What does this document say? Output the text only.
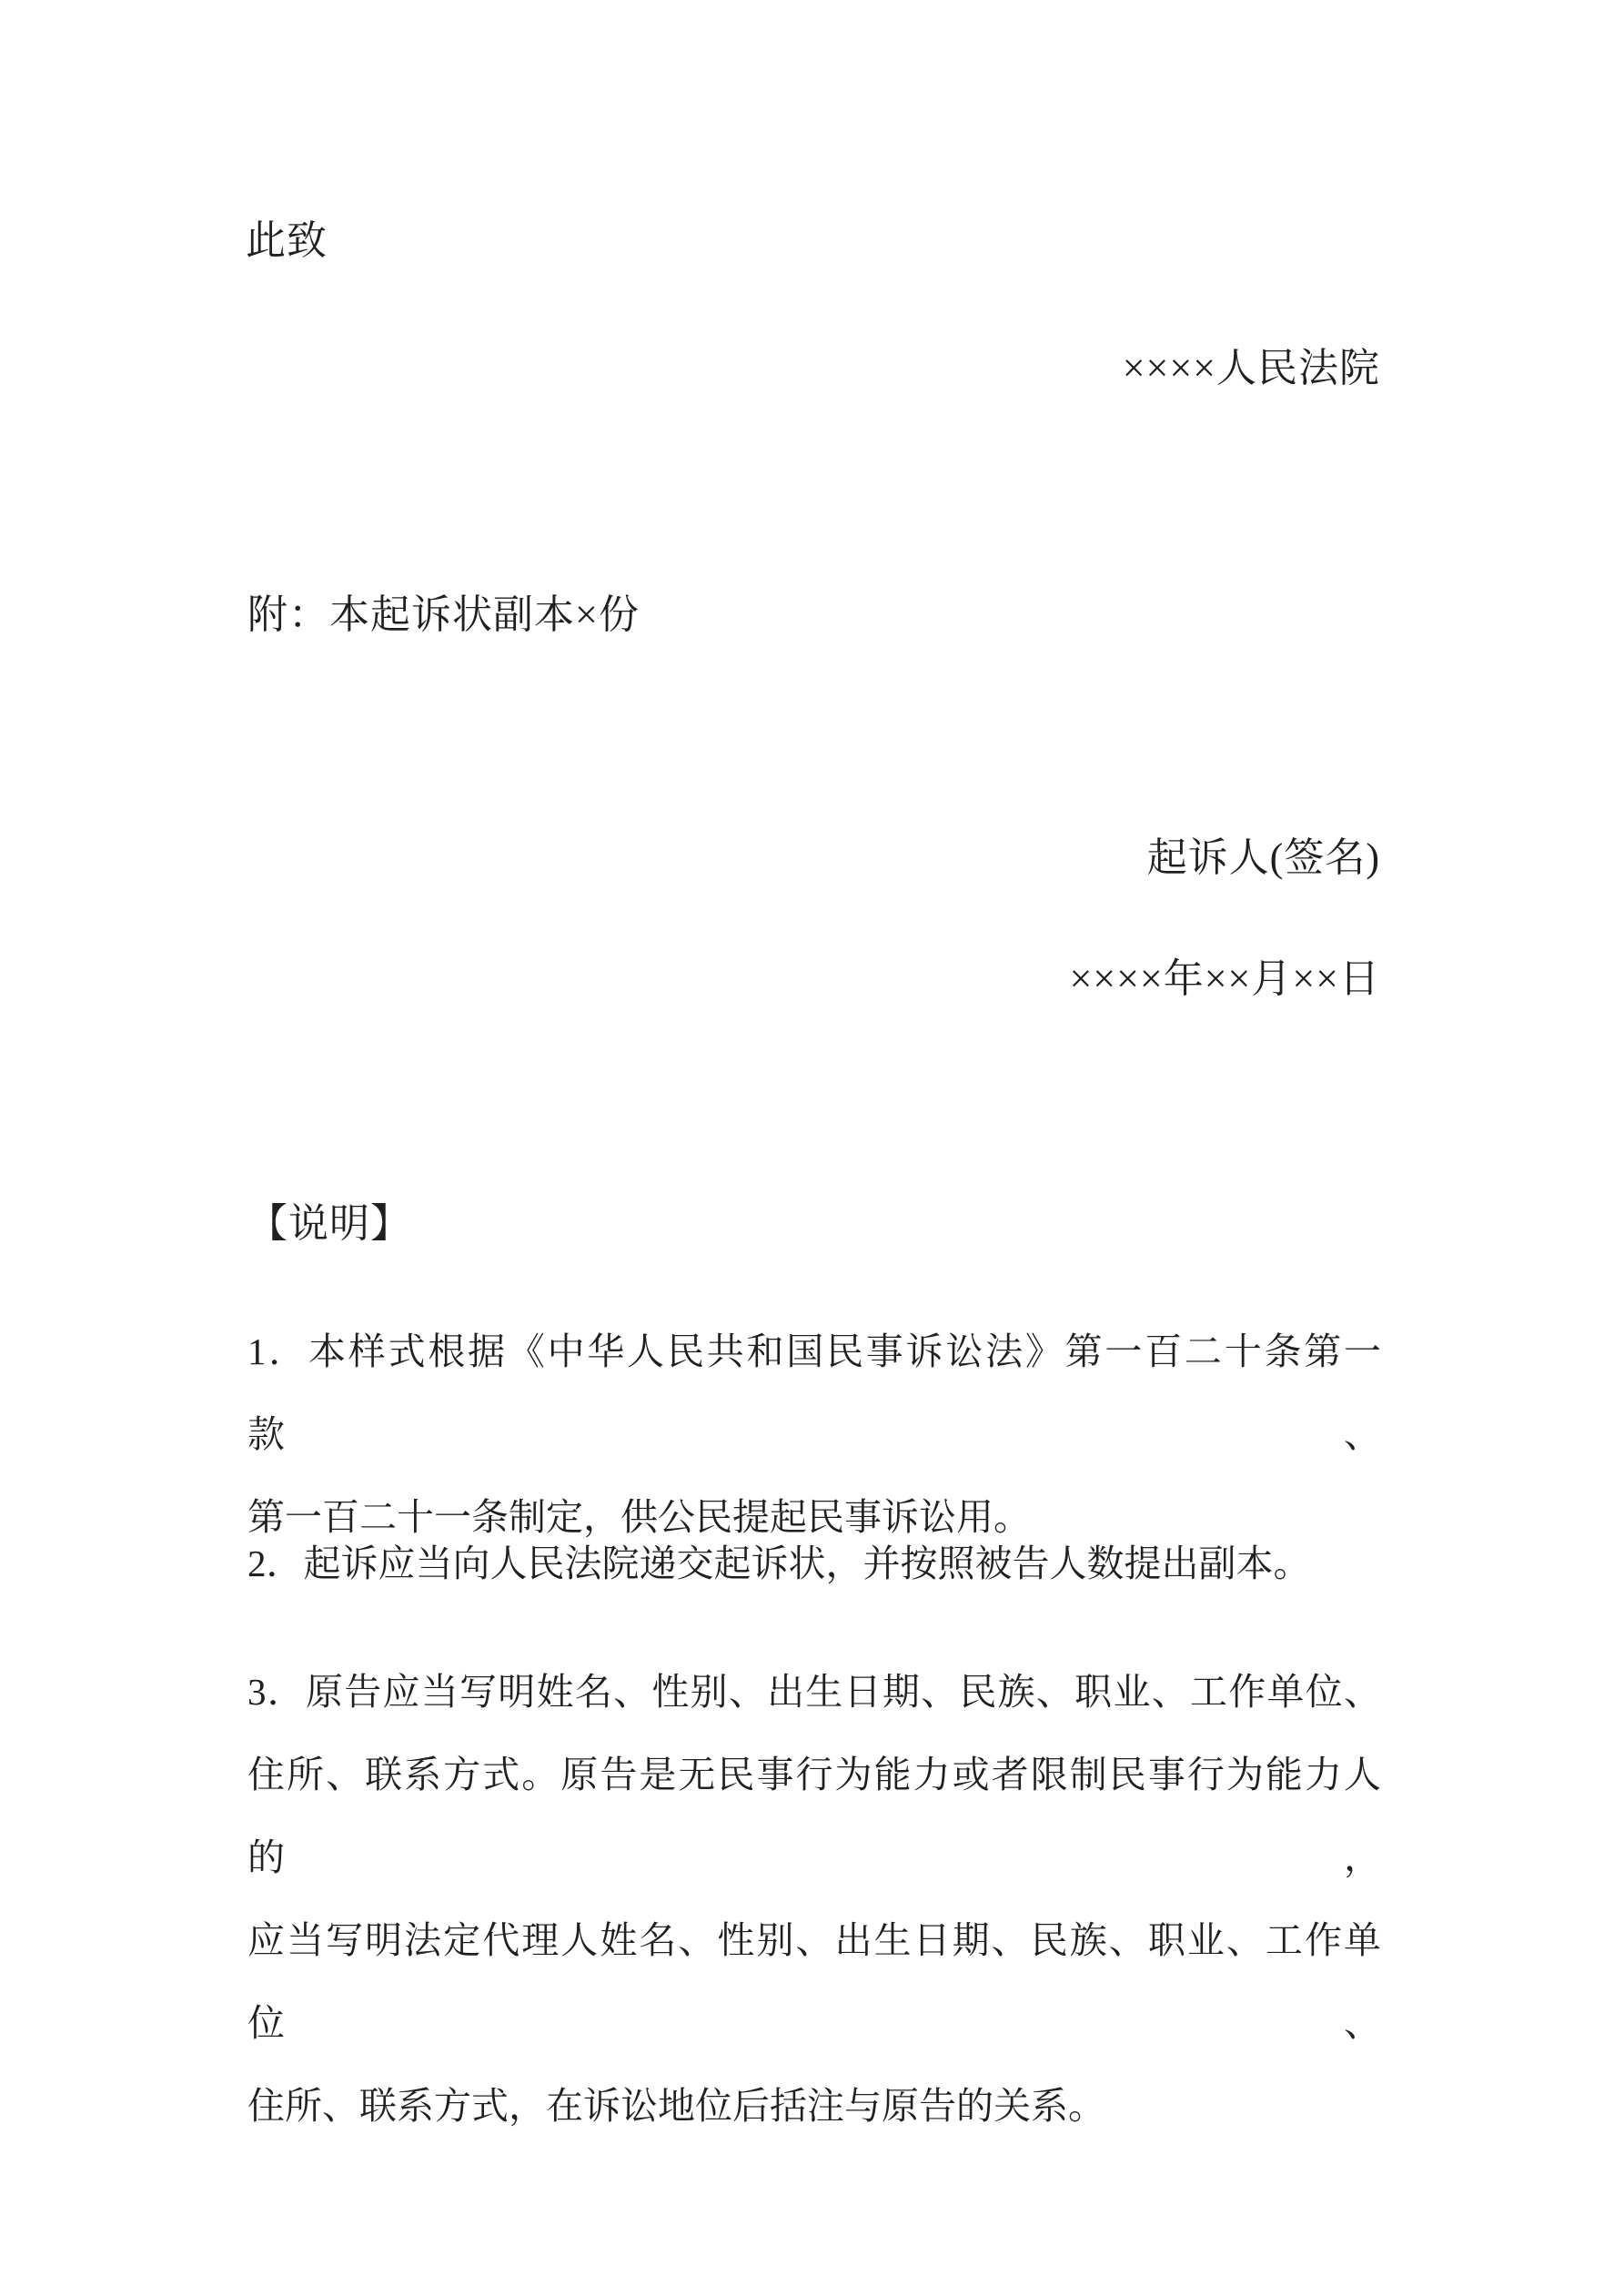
此致
××××人民法院
附：本起诉状副本×份
起诉人(签名)
××××年××月××日
【说明】
1．本样式根据《中华人民共和国民事诉讼法》第一百二十条第一款、
第一百二十一条制定，供公民提起民事诉讼用。
2．起诉应当向人民法院递交起诉状，并按照被告人数提出副本。
3．原告应当写明姓名、性别、出生日期、民族、职业、工作单位、
住所、联系方式。原告是无民事行为能力或者限制民事行为能力人的，
应当写明法定代理人姓名、性别、出生日期、民族、职业、工作单位、
住所、联系方式，在诉讼地位后括注与原告的关系。
